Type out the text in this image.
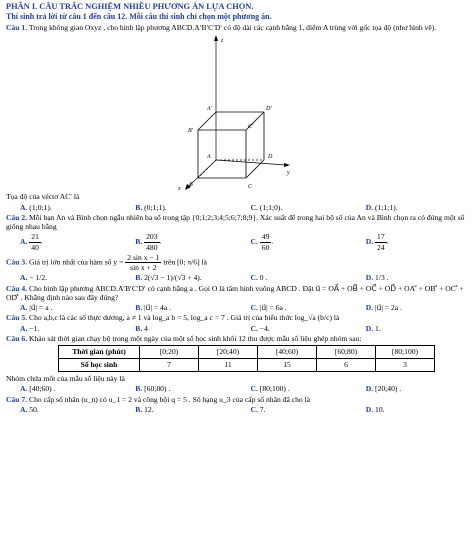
PHẦN I. CÂU TRẮC NGHIỆM NHIỀU PHƯƠNG ÁN LỰA CHỌN.

Thí sinh trả lời từ câu 1 đến câu 12. Mỗi câu thí sinh chỉ chọn một phương án.

Câu 1. Trong không gian Oxyz , cho hình lập phương ABCD.A′B′C′D′ có độ dài các cạnh bằng 1, điểm A trùng với gốc tọa độ (như hình vẽ).

z
x
y
A
B	C
D
A′
B′
C′
D′

Tọa độ của véctơ AC′ là

A. (1;0;1).	B. (0;1;1).	C. (1;1;0).	D. (1;1;1).

Câu 2. Mỗi bạn An và Bình chọn ngẫu nhiên ba số trong tập {0;1;2;3;4;5;6;7;8;9}. Xác suất để trong hai bộ số của An và Bình chọn ra có đúng một số giống nhau bằng

A. $\frac{21}{40}$ .	B. $\frac{203}{480}$ .	C. $\frac{49}{60}$ .	D. $\frac{17}{24}$ .

Câu 3. Giá trị lớn nhất của hàm số $y = \frac{\text{2 sin x − 1}}{\text{sin x + 2}}$ trên [0; π/6] là

A. − 1/2.	B. 2(√3 − 1)/(√3 + 4).	C. 0 .	D. 1/3 .

Câu 4. Cho hình lập phương ABCD.A′B′C′D′ có cạnh bằng a . Gọi O là tâm hình vuông ABCD . Đặt u⃗ = OA⃗ + OB⃗ + OC⃗ + OD⃗ + OA′⃗ + OB′⃗ + OC′⃗ + OD′⃗ . Khẳng định nào sau đây đúng?

A. |u⃗| = a .	B. |u⃗| = 4a .	C. |u⃗| = 6a .	D. |u⃗| = 2a .

Câu 5. Cho a,b,c là các số thực dương, a ≠ 1 và log_a b = 5, log_a c = 7 . Giá trị của biểu thức log_√a (b/c) là

A. −1.	B. 4	C. −4.	D. 1.

Câu 6. Khảo sát thời gian chạy bộ trong một ngày của một số học sinh khối 12 thu được mẫu số liệu ghép nhóm sau:

Thời gian (phút)	[0;20)	[20;40)	[40;60)	[60;80)	[80;100)
Số học sinh	7	11	15	6	3

Nhóm chứa mốt của mẫu số liệu này là

A. [40;60) .	B. [60;80) .	C. [80;100) .	D. [20;40) .

Câu 7. Cho cấp số nhân (u_n) có u_1 = 2 và công bội q = 5 . Số hạng u_3 của cấp số nhân đã cho là

A. 50.	B. 12.	C. 7.	D. 10.
